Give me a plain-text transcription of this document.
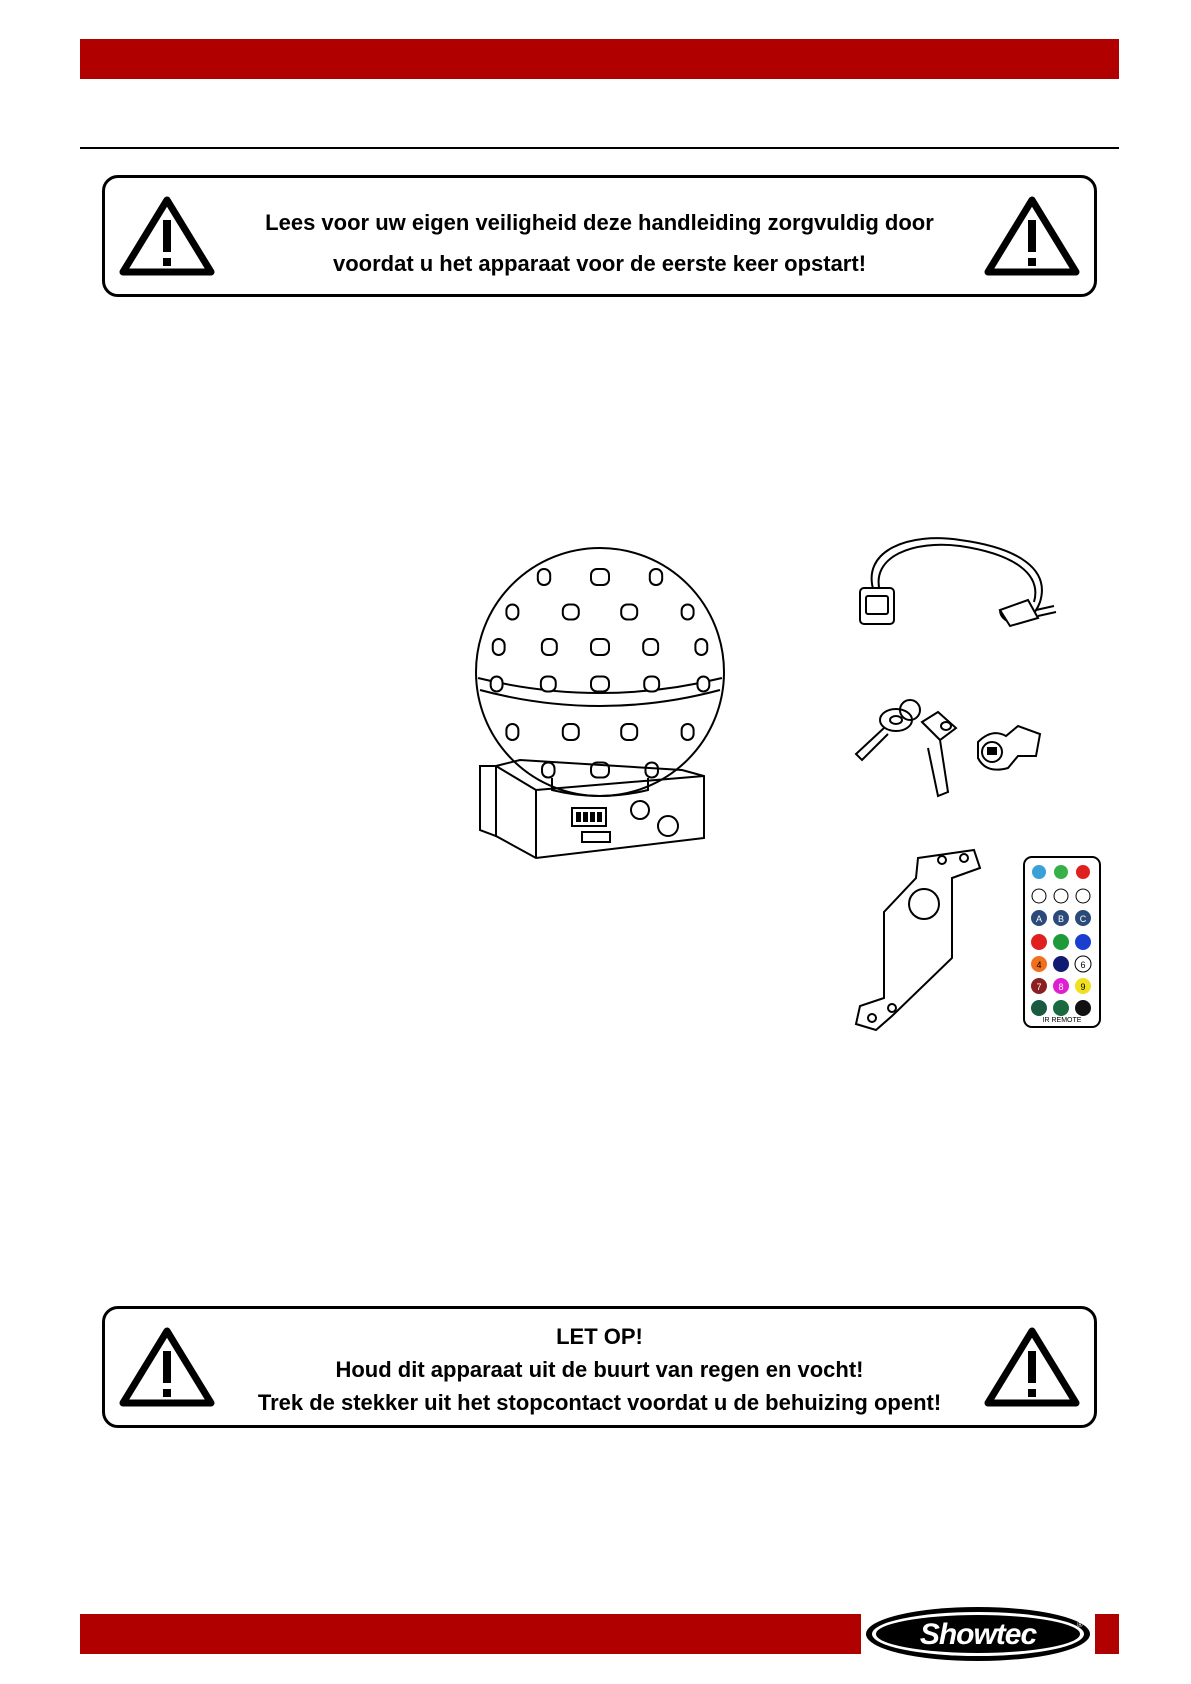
Lees voor uw eigen veiligheid deze handleiding zorgvuldig door
voordat u het apparaat voor de eerste keer opstart!
A B C
4	6
7 8 9
IR REMOTE
LET OP!
Houd dit apparaat uit de buurt van regen en vocht!
Trek de stekker uit het stopcontact voordat u de behuizing opent!
Showtec	®
